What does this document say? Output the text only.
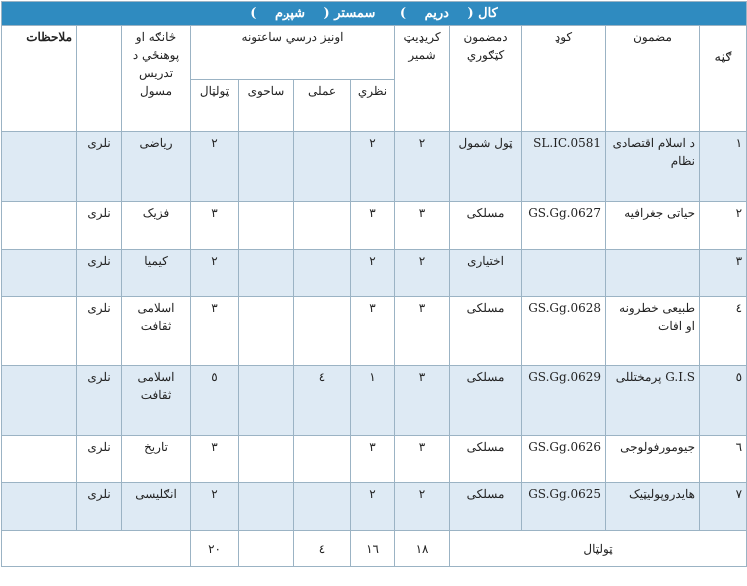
کال ( دریم ) سمستر ( شپږم )											
ګڼه	مضمون	کوډ	دمضمون کټګوري	کریډیټ شمیر	اونیز درسي ساعتونه				څانګه او پوهنځي د تدریس مسول		ملاحظات
					نظري	عملی	ساحوی	ټولټال			
١	د اسلام اقتصادی نظام	SL.IC.0581	ټول شمول	٢	٢			٢	ریاضی	نلری	
٢	حیاتی جغرافیه	GS.Gg.0627	مسلکی	٣	٣			٣	فزیک	نلری	
٣			اختیاری	٢	٢			٢	کیمیا	نلری	
٤	طبیعی خطرونه او افات	GS.Gg.0628	مسلکی	٣	٣			٣	اسلامی ثقافت	نلری	
٥	G.I.S پرمختللی	GS.Gg.0629	مسلکی	٣	١	٤		٥	اسلامی ثقافت	نلری	
٦	جیومورفولوجی	GS.Gg.0626	مسلکی	٣	٣			٣	تاریخ	نلری	
٧	هایدروپولیټیک	GS.Gg.0625	مسلکی	٢	٢			٢	انګلیسی	نلری	
ټولټال				١٨	١٦	٤		٢٠			
